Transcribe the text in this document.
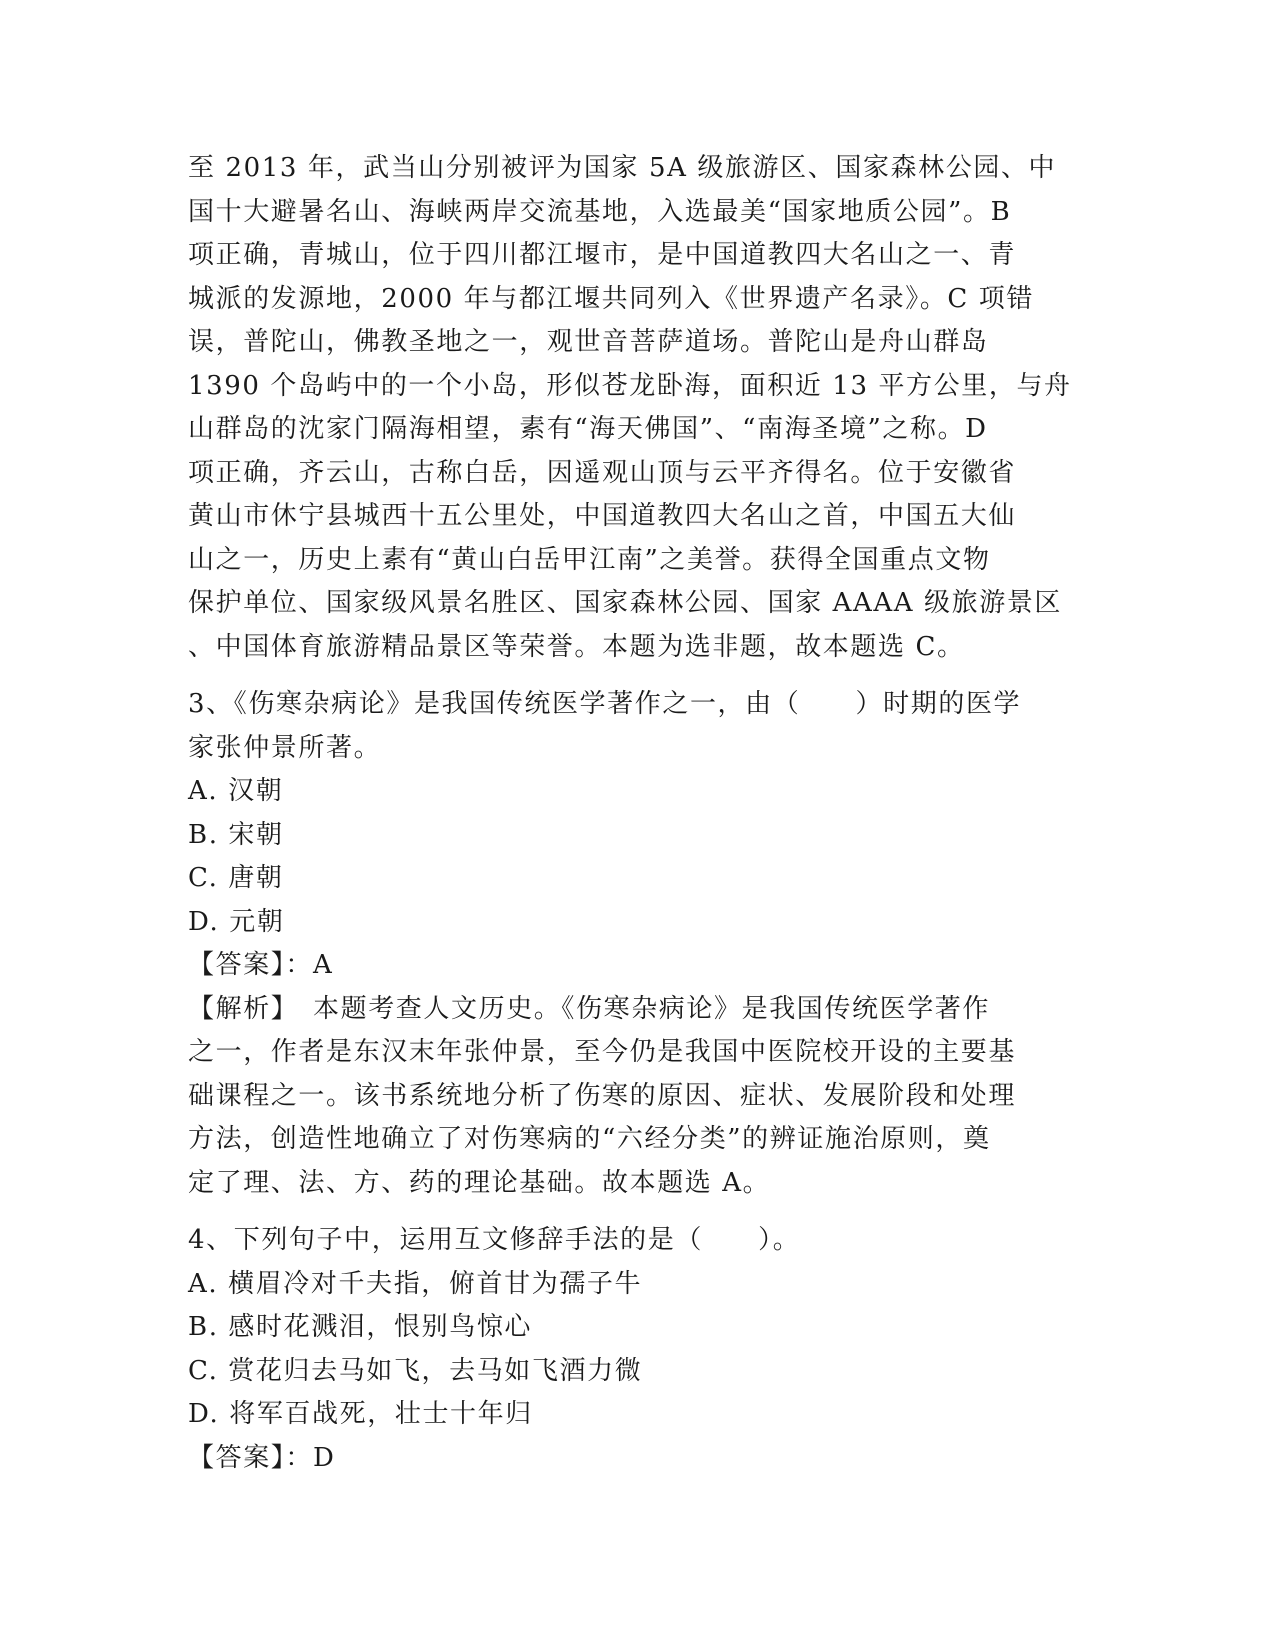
至 2013 年，武当山分别被评为国家 5A 级旅游区、国家森林公园、中
国十大避暑名山、海峡两岸交流基地，入选最美“国家地质公园”。B
项正确，青城山，位于四川都江堰市，是中国道教四大名山之一、青
城派的发源地，2000 年与都江堰共同列入《世界遗产名录》。C 项错
误，普陀山，佛教圣地之一，观世音菩萨道场。普陀山是舟山群岛
1390 个岛屿中的一个小岛，形似苍龙卧海，面积近 13 平方公里，与舟
山群岛的沈家门隔海相望，素有“海天佛国”、“南海圣境”之称。D
项正确，齐云山，古称白岳，因遥观山顶与云平齐得名。位于安徽省
黄山市休宁县城西十五公里处，中国道教四大名山之首，中国五大仙
山之一，历史上素有“黄山白岳甲江南”之美誉。获得全国重点文物
保护单位、国家级风景名胜区、国家森林公园、国家 AAAA 级旅游景区
、中国体育旅游精品景区等荣誉。本题为选非题，故本题选 C。
3、《伤寒杂病论》是我国传统医学著作之一，由（　　）时期的医学
家张仲景所著。
A. 汉朝
B. 宋朝
C. 唐朝
D. 元朝
【答案】：A
【解析】　本题考查人文历史。《伤寒杂病论》是我国传统医学著作
之一，作者是东汉末年张仲景，至今仍是我国中医院校开设的主要基
础课程之一。该书系统地分析了伤寒的原因、症状、发展阶段和处理
方法，创造性地确立了对伤寒病的“六经分类”的辨证施治原则，奠
定了理、法、方、药的理论基础。故本题选 A。
4、下列句子中，运用互文修辞手法的是（　　）。
A. 横眉冷对千夫指，俯首甘为孺子牛
B. 感时花溅泪，恨别鸟惊心
C. 赏花归去马如飞，去马如飞酒力微
D. 将军百战死，壮士十年归
【答案】：D
